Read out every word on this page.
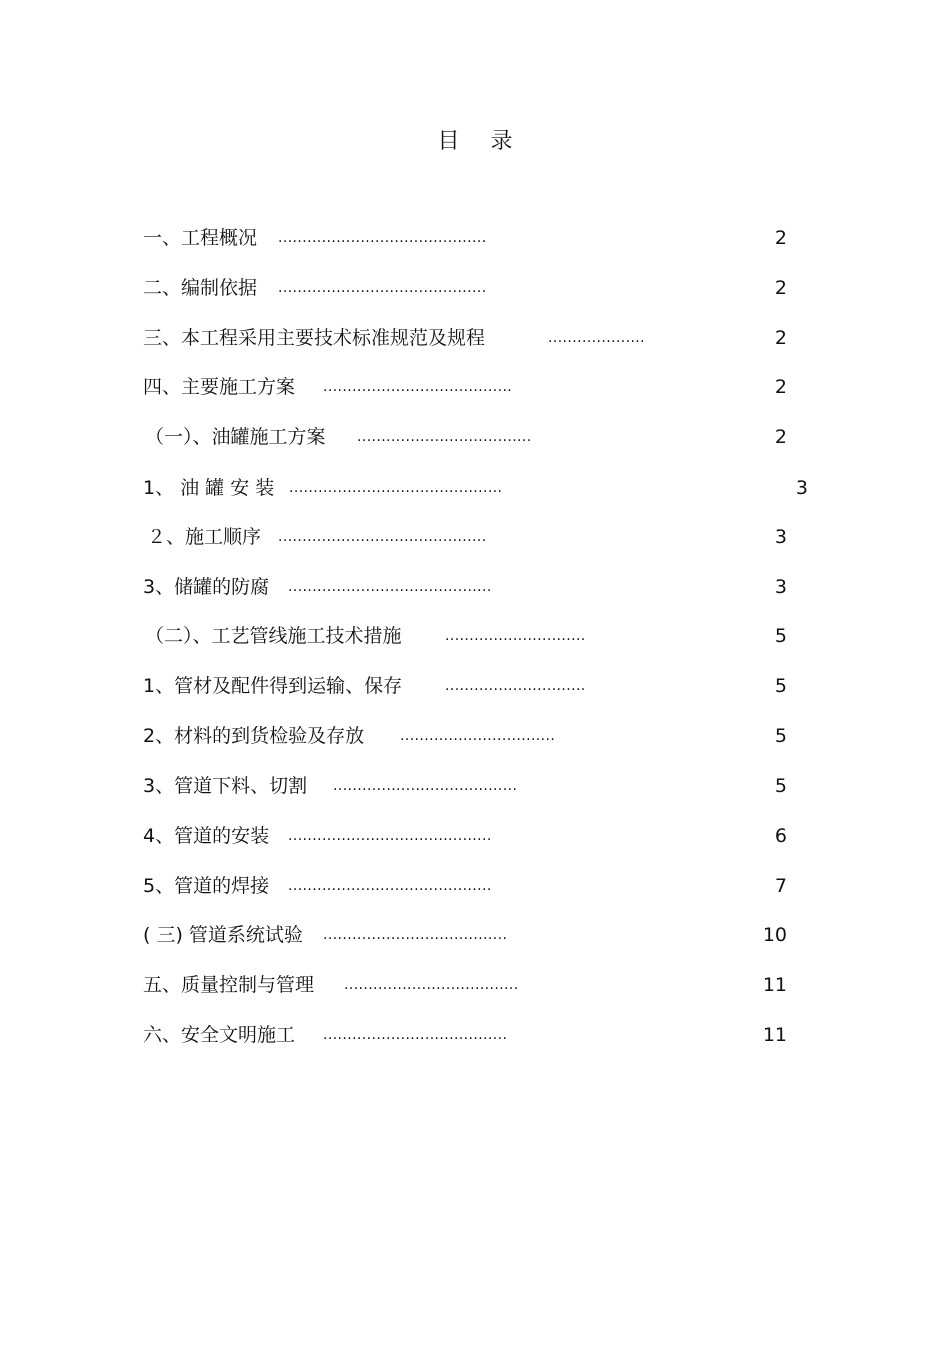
目 录
一、工程概况 ...........................................	2
二、编制依据 ...........................................	2
三、本工程采用主要技术标准规范及规程	....................	2
四、主要施工方案 .......................................	2
（一）、油罐施工方案 ....................................	2
1、 油 罐 安 装 ............................................	3
２、施工顺序 ...........................................	3
3、储罐的防腐 ..........................................	3
（二）、工艺管线施工技术措施	.............................	5
1、管材及配件得到运输、保存	.............................	5
2、材料的到货检验及存放	................................	5
3、管道下料、切割 ......................................	5
4、管道的安装 ..........................................	6
5、管道的焊接 ..........................................	7
( 三) 管道系统试验 ......................................	10
五、质量控制与管理 ....................................	11
六、安全文明施工 ......................................	11
